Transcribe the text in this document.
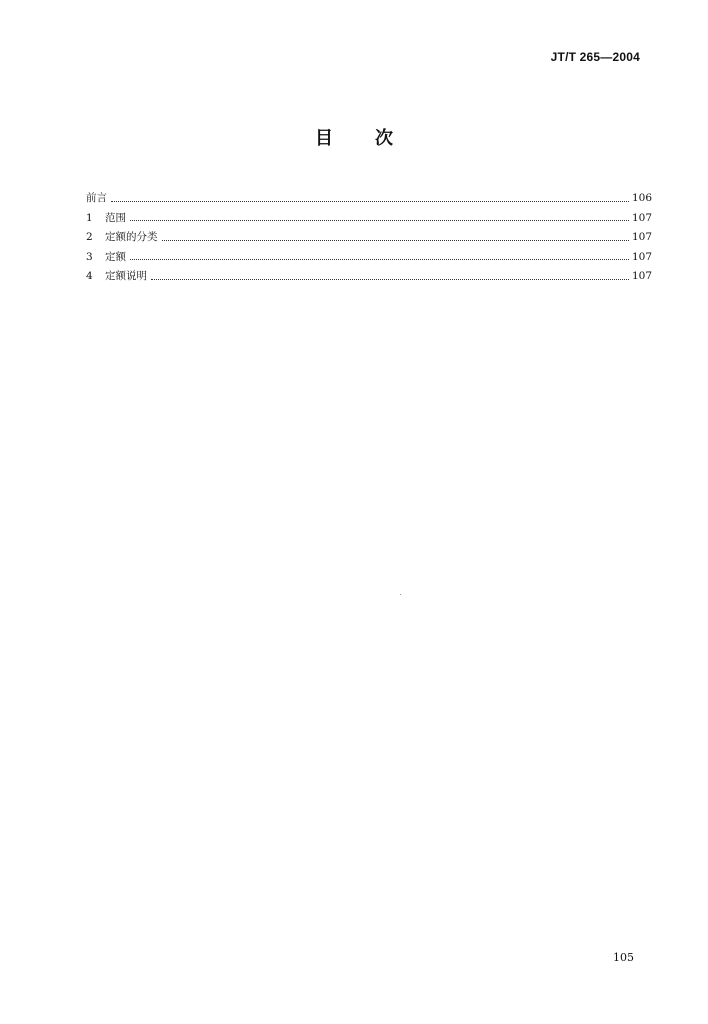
JT/T 265—2004
目 次
前言	106
1	范围	107
2	定额的分类	107
3	定额	107
4	定额说明	107
105
